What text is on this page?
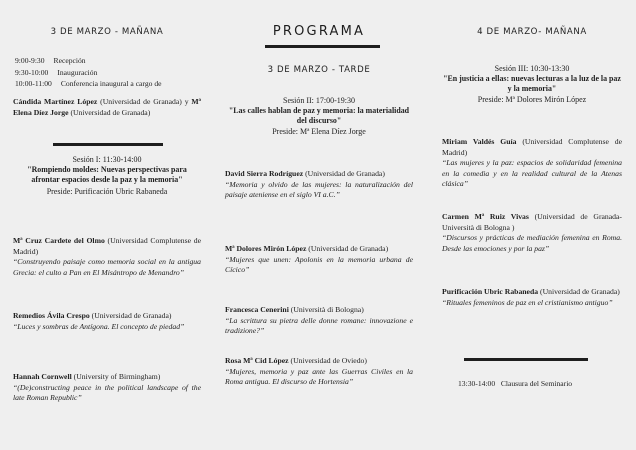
3 DE MARZO - MAÑANA
9:00-9:30 Recepción
9:30-10:00 Inauguración
10:00-11:00 Conferencia inaugural a cargo de
Cándida Martínez López (Universidad de Granada) y Mª Elena Díez Jorge (Universidad de Granada)
Sesión I: 11:30-14:00
"Rompiendo moldes: Nuevas perspectivas para afrontar espacios desde la paz y la memoria"
Preside: Purificación Ubric Rabaneda
Mª Cruz Cardete del Olmo (Universidad Complutense de Madrid)
“Construyendo paisaje como memoria social en la antigua Grecia: el culto a Pan en El Misántropo de Menandro”
Remedios Ávila Crespo (Universidad de Granada)
“Luces y sombras de Antígona. El concepto de piedad”
Hannah Cornwell (University of Birmingham)
“(De)constructing peace in the political landscape of the late Roman Republic”
PROGRAMA
3 DE MARZO - TARDE
Sesión II: 17:00-19:30
"Las calles hablan de paz y memoria: la materialidad del discurso"
Preside: Mª Elena Díez Jorge
David Sierra Rodríguez (Universidad de Granada)
“Memoria y olvido de las mujeres: la naturalización del paisaje ateniense en el siglo VI a.C.”
Mª Dolores Mirón López (Universidad de Granada)
“Mujeres que unen: Apolonis en la memoria urbana de Cícico”
Francesca Cenerini (Università di Bologna)
“La scrittura su pietra delle donne romane: innovazione e tradizione?”
Rosa Mª Cid López (Universidad de Oviedo)
“Mujeres, memoria y paz ante las Guerras Civiles en la Roma antigua. El discurso de Hortensia”
4 DE MARZO- MAÑANA
Sesión III: 10:30-13:30
"En justicia a ellas: nuevas lecturas a la luz de la paz y la memoria"
Preside: Mª Dolores Mirón López
Miriam Valdés Guía (Universidad Complutense de Madrid)
“Las mujeres y la paz: espacios de solidaridad femenina en la comedia y en la realidad cultural de la Atenas clásica”
Carmen Mª Ruiz Vivas (Universidad de Granada-Università di Bologna )
“Discursos y prácticas de mediación femenina en Roma. Desde las emociones y por la paz”
Purificación Ubric Rabaneda (Universidad de Granada)
“Rituales femeninos de paz en el cristianismo antiguo”
13:30-14:00   Clausura del Seminario
